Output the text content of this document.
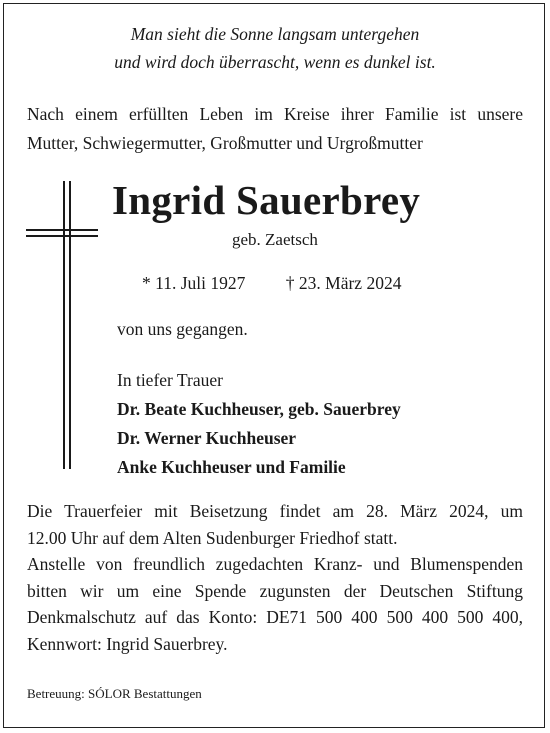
Man sieht die Sonne langsam untergehen
und wird doch überrascht, wenn es dunkel ist.
Nach einem erfüllten Leben im Kreise ihrer Familie ist unsere
Mutter, Schwiegermutter, Großmutter und Urgroßmutter
Ingrid Sauerbrey
geb. Zaetsch
* 11. Juli 1927 † 23. März 2024
von uns gegangen.
In tiefer Trauer
Dr. Beate Kuchheuser, geb. Sauerbrey
Dr. Werner Kuchheuser
Anke Kuchheuser und Familie
Die Trauerfeier mit Beisetzung findet am 28. März 2024, um
12.00 Uhr auf dem Alten Sudenburger Friedhof statt.
Anstelle von freundlich zugedachten Kranz- und Blumenspenden
bitten wir um eine Spende zugunsten der Deutschen Stiftung
Denkmalschutz auf das Konto: DE71 500 400 500 400 500 400,
Kennwort: Ingrid Sauerbrey.
Betreuung: SÓLOR Bestattungen
